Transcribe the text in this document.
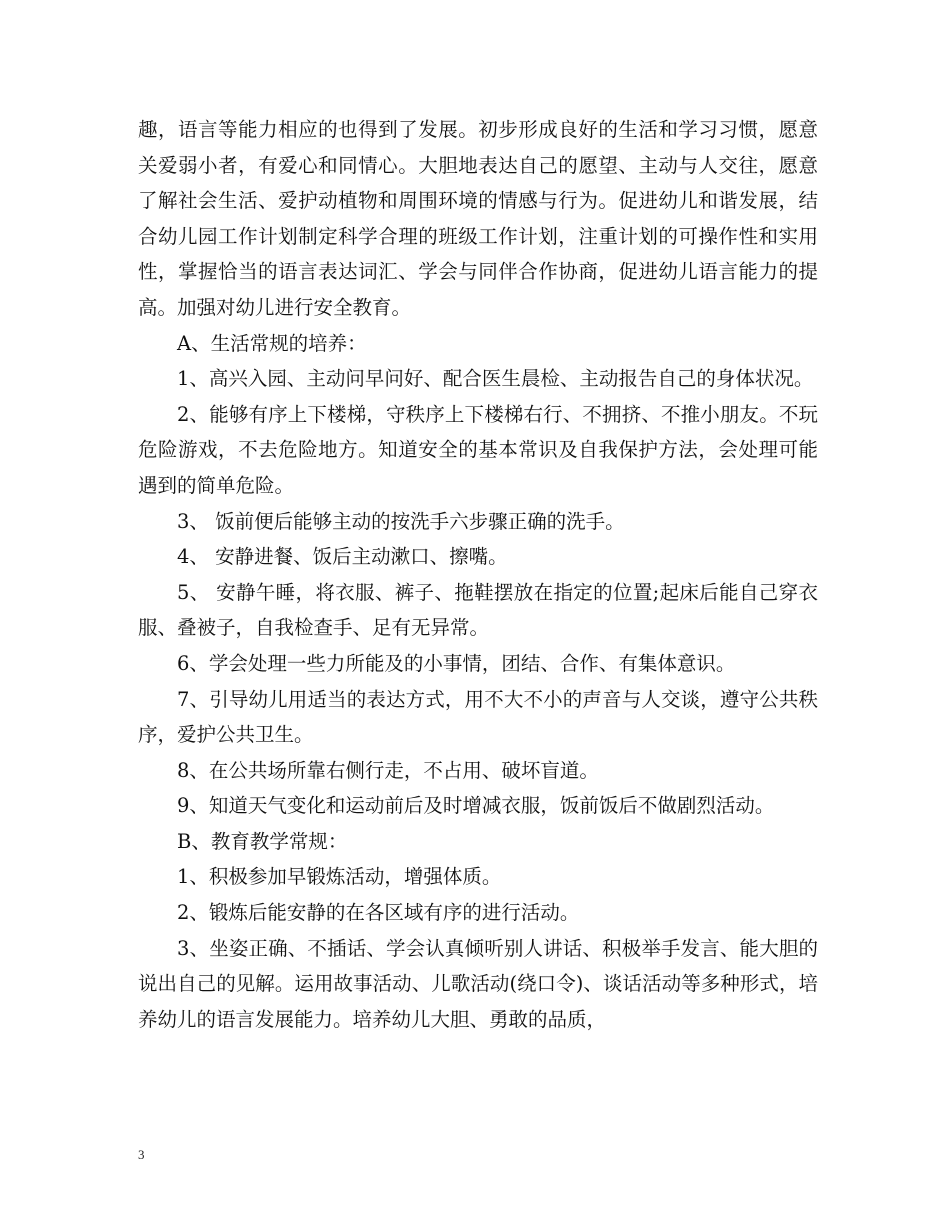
趣，语言等能力相应的也得到了发展。初步形成良好的生活和学习习惯，愿意关爱弱小者，有爱心和同情心。大胆地表达自己的愿望、主动与人交往，愿意了解社会生活、爱护动植物和周围环境的情感与行为。促进幼儿和谐发展，结合幼儿园工作计划制定科学合理的班级工作计划，注重计划的可操作性和实用性，掌握恰当的语言表达词汇、学会与同伴合作协商，促进幼儿语言能力的提高。加强对幼儿进行安全教育。

A、生活常规的培养：

1、高兴入园、主动问早问好、配合医生晨检、主动报告自己的身体状况。

2、能够有序上下楼梯，守秩序上下楼梯右行、不拥挤、不推小朋友。不玩危险游戏，不去危险地方。知道安全的基本常识及自我保护方法，会处理可能遇到的简单危险。

3、 饭前便后能够主动的按洗手六步骤正确的洗手。

4、 安静进餐、饭后主动漱口、擦嘴。

5、 安静午睡，将衣服、裤子、拖鞋摆放在指定的位置;起床后能自己穿衣服、叠被子，自我检查手、足有无异常。

6、学会处理一些力所能及的小事情，团结、合作、有集体意识。

7、引导幼儿用适当的表达方式，用不大不小的声音与人交谈，遵守公共秩序，爱护公共卫生。

8、在公共场所靠右侧行走，不占用、破坏盲道。

9、知道天气变化和运动前后及时增减衣服，饭前饭后不做剧烈活动。

B、教育教学常规：

1、积极参加早锻炼活动，增强体质。

2、锻炼后能安静的在各区域有序的进行活动。

3、坐姿正确、不插话、学会认真倾听别人讲话、积极举手发言、能大胆的说出自己的见解。运用故事活动、儿歌活动(绕口令)、谈话活动等多种形式，培养幼儿的语言发展能力。培养幼儿大胆、勇敢的品质，

3
